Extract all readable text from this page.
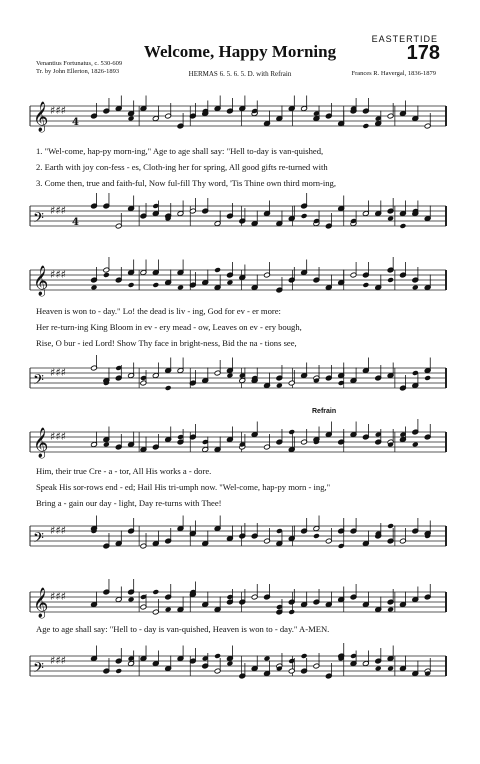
EASTERTIDE
Welcome, Happy Morning	178
Venantius Fortunatus, c. 530-609
Tr. by John Ellerton, 1826-1893	HERMAS 6. 5. 6. 5. D. with Refrain	Frances R. Havergal, 1836-1879
𝄞 ♯♯♯
4
1. "Wel-come, hap-py morn-ing," Age to age shall say: "Hell to-day is van-quished,
2. Earth with joy con-fess - es, Cloth-ing her for spring, All good gifts re-turned with
3. Come then, true and faith-ful, Now ful-fill Thy word, 'Tis Thine own third morn-ing,
𝄢 ♯♯♯
4
𝄞 ♯♯♯
Heaven is won to - day." Lo! the dead is liv - ing, God for ev - er more:
Her re-turn-ing King Bloom in ev - ery mead - ow, Leaves on ev - ery bough,
Rise, O bur - ied Lord! Show Thy face in bright-ness, Bid the na - tions see,
𝄢 ♯♯♯
Refrain
𝄞 ♯♯♯
Him, their true Cre - a - tor, All His works a - dore.
Speak His sor-rows end - ed; Hail His tri-umph now. "Wel-come, hap-py morn - ing,"
Bring a - gain our day - light, Day re-turns with Thee!
𝄢 ♯♯♯
𝄞 ♯♯♯
Age to age shall say: "Hell to - day is van-quished, Heaven is won to - day." A-MEN.
𝄢 ♯♯♯
